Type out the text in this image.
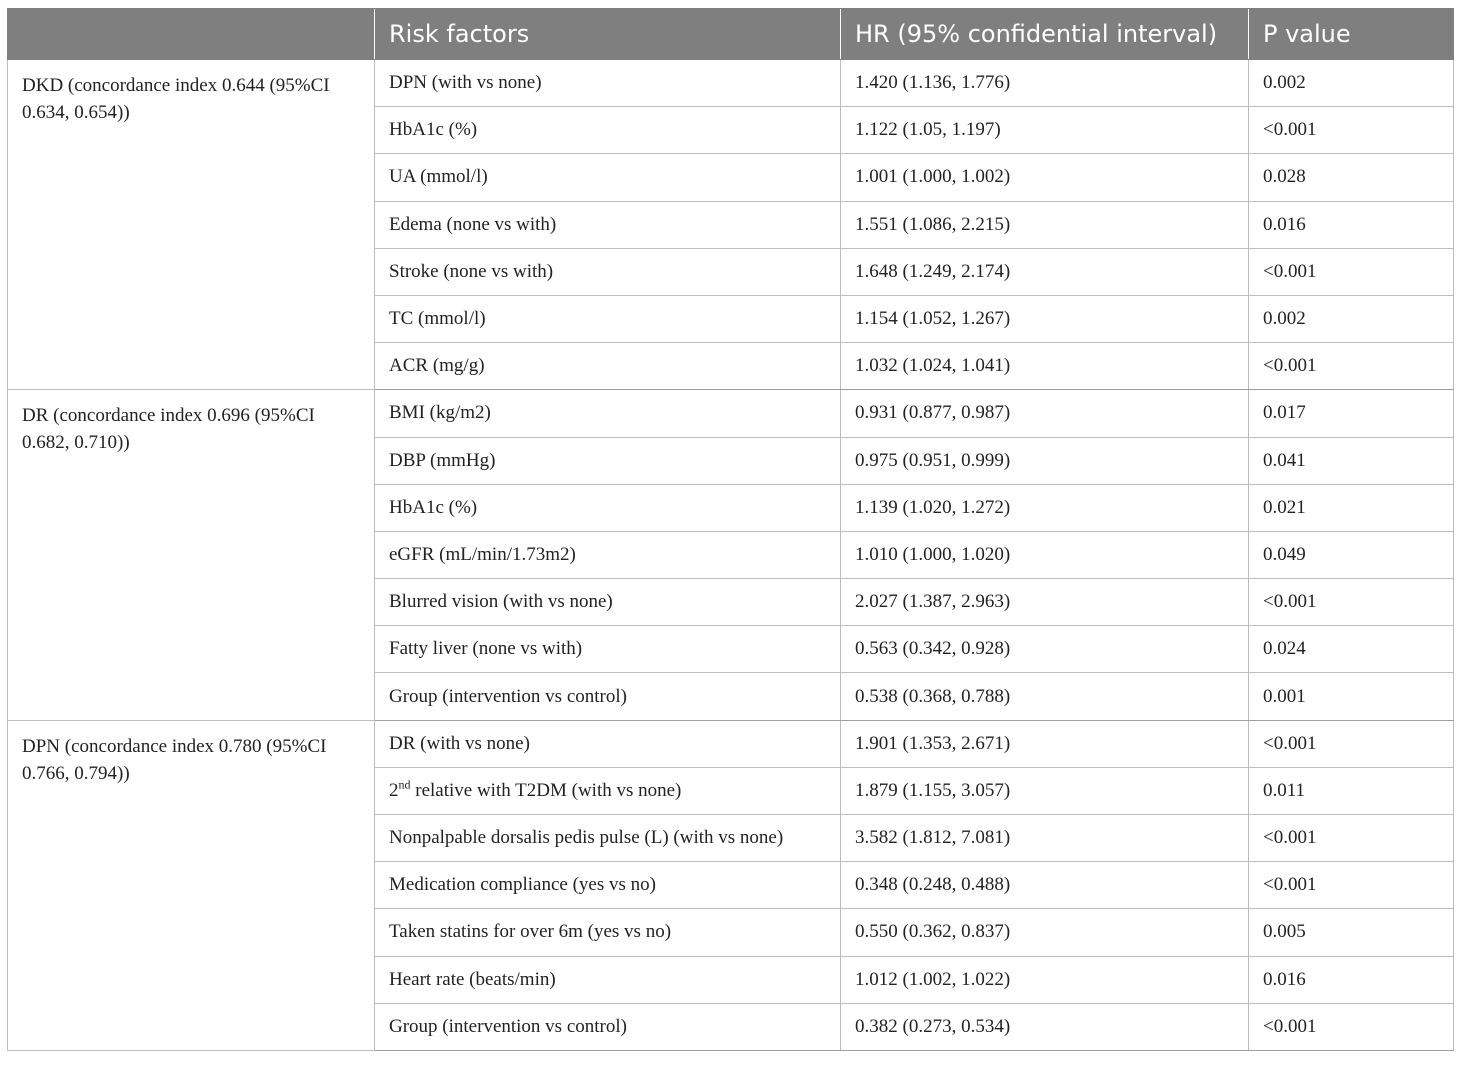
	Risk factors	HR (95% confidential interval)	P value
DKD (concordance index 0.644 (95%CI 0.634, 0.654))	DPN (with vs none)	1.420 (1.136, 1.776)	0.002
	HbA1c (%)	1.122 (1.05, 1.197)	<0.001
	UA (mmol/l)	1.001 (1.000, 1.002)	0.028
	Edema (none vs with)	1.551 (1.086, 2.215)	0.016
	Stroke (none vs with)	1.648 (1.249, 2.174)	<0.001
	TC (mmol/l)	1.154 (1.052, 1.267)	0.002
	ACR (mg/g)	1.032 (1.024, 1.041)	<0.001
DR (concordance index 0.696 (95%CI 0.682, 0.710))	BMI (kg/m2)	0.931 (0.877, 0.987)	0.017
	DBP (mmHg)	0.975 (0.951, 0.999)	0.041
	HbA1c (%)	1.139 (1.020, 1.272)	0.021
	eGFR (mL/min/1.73m2)	1.010 (1.000, 1.020)	0.049
	Blurred vision (with vs none)	2.027 (1.387, 2.963)	<0.001
	Fatty liver (none vs with)	0.563 (0.342, 0.928)	0.024
	Group (intervention vs control)	0.538 (0.368, 0.788)	0.001
DPN (concordance index 0.780 (95%CI 0.766, 0.794))	DR (with vs none)	1.901 (1.353, 2.671)	<0.001
	2nd relative with T2DM (with vs none)	1.879 (1.155, 3.057)	0.011
	Nonpalpable dorsalis pedis pulse (L) (with vs none)	3.582 (1.812, 7.081)	<0.001
	Medication compliance (yes vs no)	0.348 (0.248, 0.488)	<0.001
	Taken statins for over 6m (yes vs no)	0.550 (0.362, 0.837)	0.005
	Heart rate (beats/min)	1.012 (1.002, 1.022)	0.016
	Group (intervention vs control)	0.382 (0.273, 0.534)	<0.001
